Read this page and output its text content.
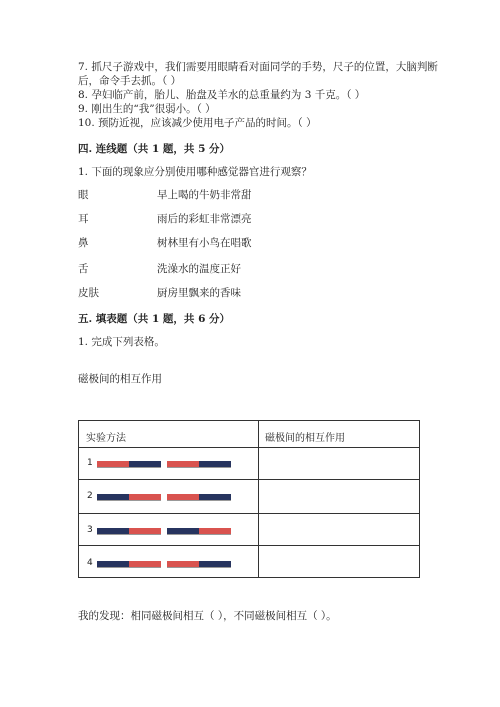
7. 抓尺子游戏中，我们需要用眼睛看对面同学的手势，尺子的位置，大脑判断
后，命令手去抓。（ ）
8. 孕妇临产前，胎儿、胎盘及羊水的总重量约为 3 千克。（ ）
9. 刚出生的“我”很弱小。（ ）
10. 预防近视，应该减少使用电子产品的时间。（ ）
四. 连线题（共 1 题，共 5 分）
1. 下面的现象应分别使用哪种感觉器官进行观察？
眼	早上喝的牛奶非常甜
耳	雨后的彩虹非常漂亮
鼻	树林里有小鸟在唱歌
舌	洗澡水的温度正好
皮肤	厨房里飘来的香味
五. 填表题（共 1 题，共 6 分）
1. 完成下列表格。
磁极间的相互作用
实验方法	磁极间的相互作用
1
2
3
4
我的发现：相同磁极间相互（ ），不同磁极间相互（ ）。
